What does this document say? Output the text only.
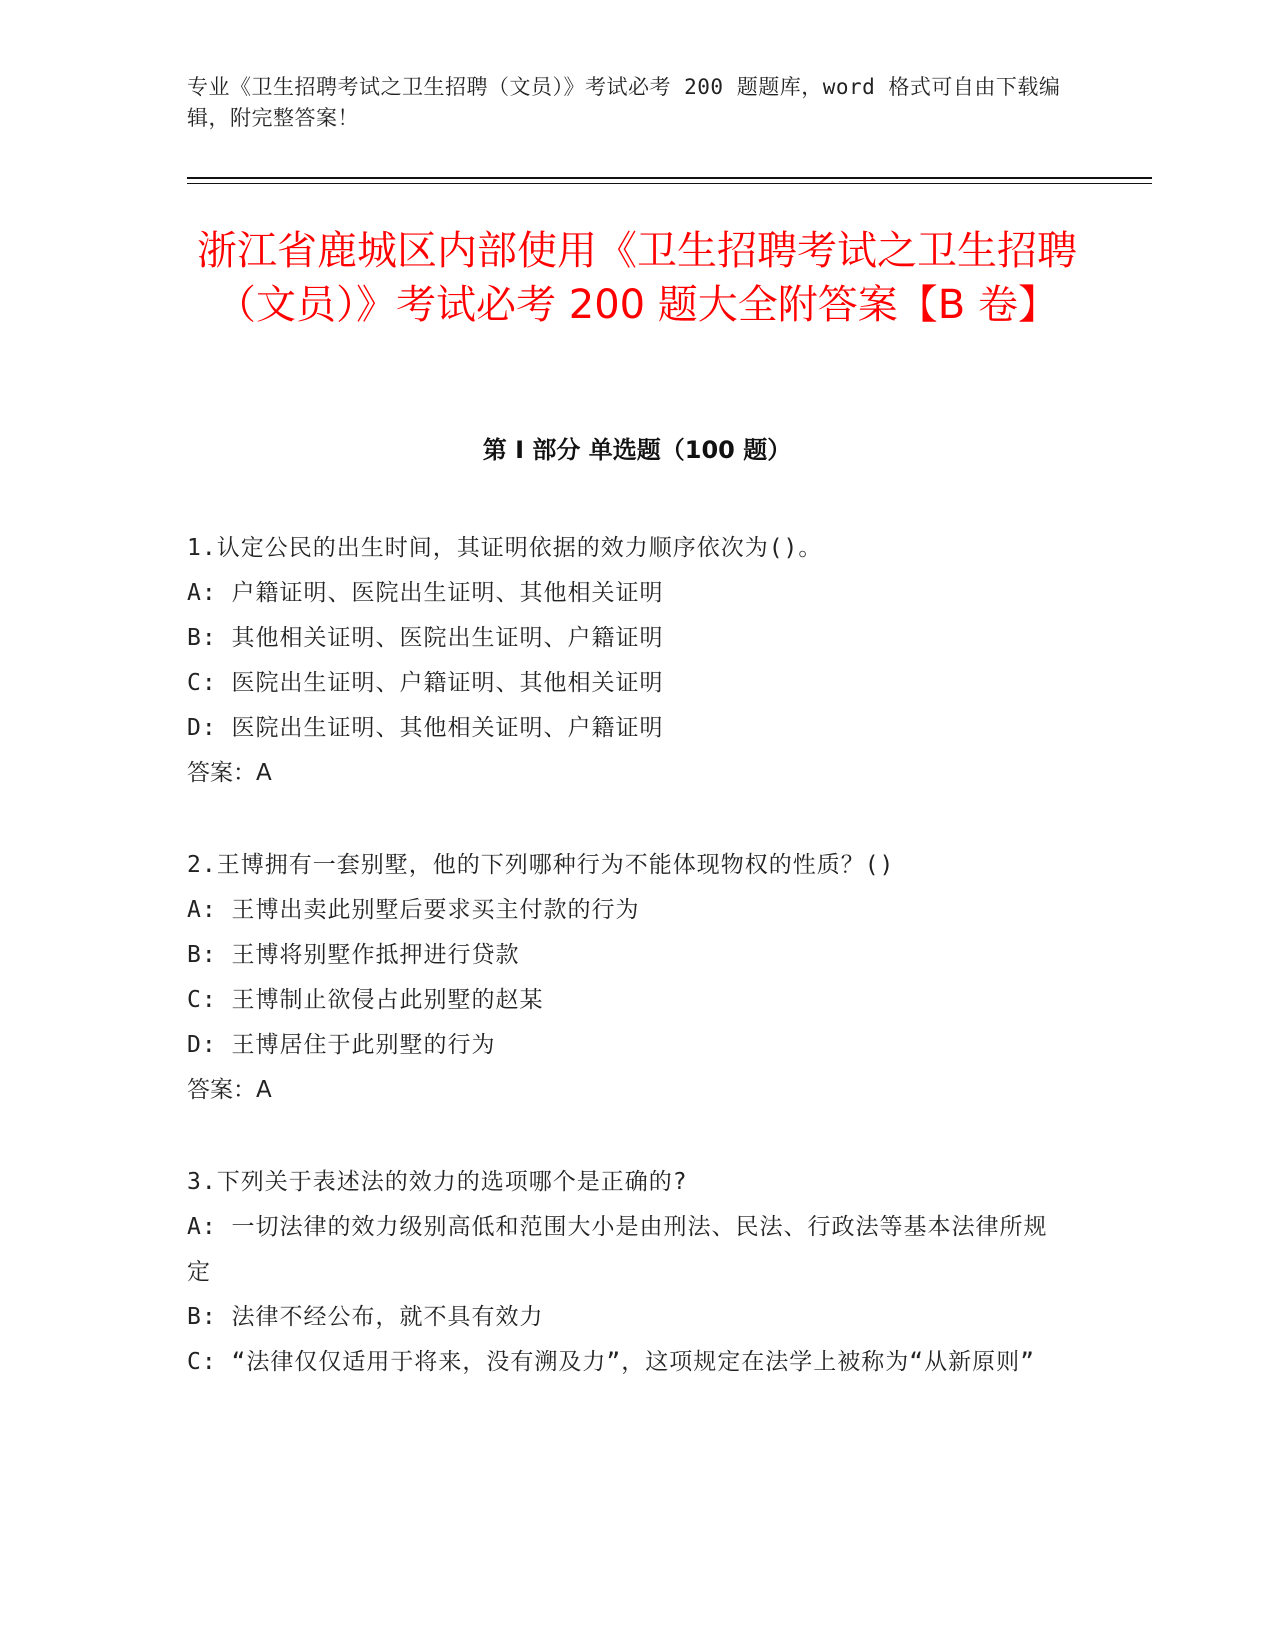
专业《卫生招聘考试之卫生招聘（文员）》考试必考 200 题题库，word 格式可自由下载编辑，附完整答案！
浙江省鹿城区内部使用《卫生招聘考试之卫生招聘（文员）》考试必考 200 题大全附答案【B 卷】
第 I 部分 单选题（100 题）

1.认定公民的出生时间，其证明依据的效力顺序依次为()。

A: 户籍证明、医院出生证明、其他相关证明

B: 其他相关证明、医院出生证明、户籍证明

C: 医院出生证明、户籍证明、其他相关证明

D: 医院出生证明、其他相关证明、户籍证明

答案：A

2.王博拥有一套别墅，他的下列哪种行为不能体现物权的性质？()

A: 王博出卖此别墅后要求买主付款的行为

B: 王博将别墅作抵押进行贷款

C: 王博制止欲侵占此别墅的赵某

D: 王博居住于此别墅的行为

答案：A

3.下列关于表述法的效力的选项哪个是正确的?

A: 一切法律的效力级别高低和范围大小是由刑法、民法、行政法等基本法律所规定

B: 法律不经公布，就不具有效力

C: “法律仅仅适用于将来，没有溯及力”，这项规定在法学上被称为“从新原则”
